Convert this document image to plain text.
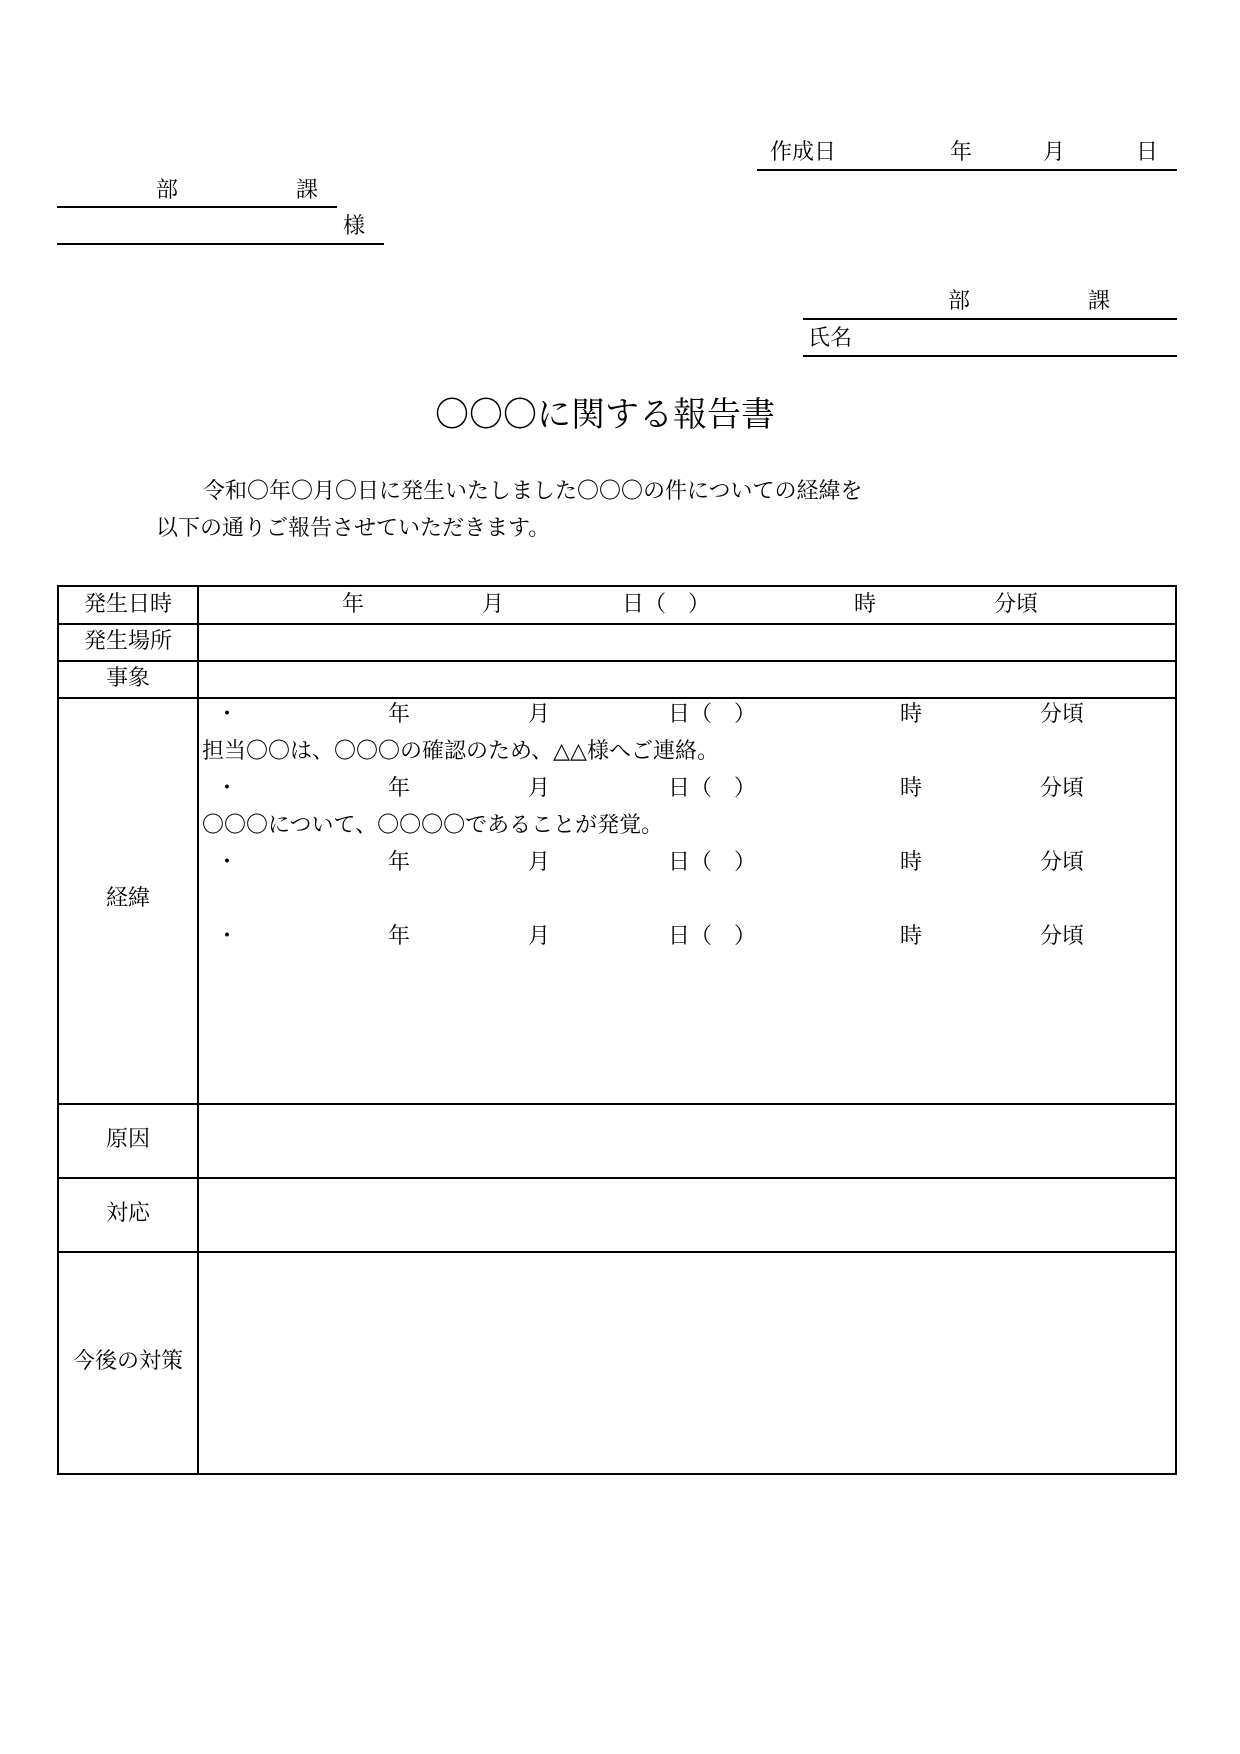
作成日	年	月	日
部	課
様
部	課
氏名
〇〇〇に関する報告書
令和〇年〇月〇日に発生いたしました〇〇〇の件についての経緯を
以下の通りご報告させていただきます。
発生日時	年	月	日（　）	時	分頃
発生場所
事象
経緯
・	年	月	日（　）	時	分頃
担当〇〇は、〇〇〇の確認のため、△△様へご連絡。
・	年	月	日（　）	時	分頃
〇〇〇について、〇〇〇〇であることが発覚。
・	年	月	日（　）	時	分頃
・	年	月	日（　）	時	分頃
原因
対応
今後の対策
